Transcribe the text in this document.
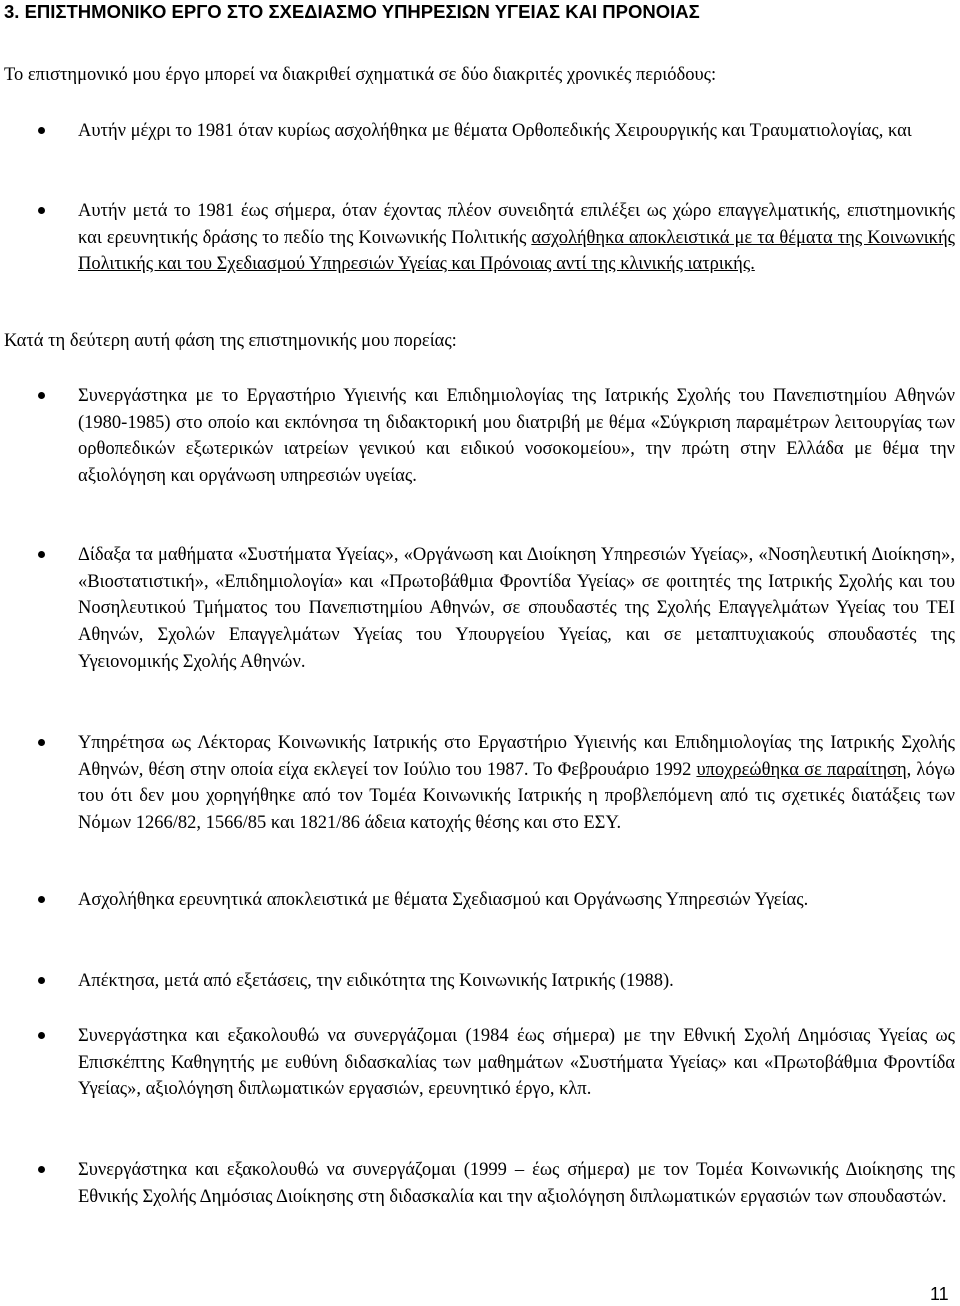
3. ΕΠΙΣΤΗΜΟΝΙΚΟ ΕΡΓΟ ΣΤΟ ΣΧΕΔΙΑΣΜΟ ΥΠΗΡΕΣΙΩΝ ΥΓΕΙΑΣ ΚΑΙ ΠΡΟΝΟΙΑΣ
Το επιστημονικό μου έργο μπορεί να διακριθεί σχηματικά σε δύο διακριτές χρονικές περιόδους:
Αυτήν μέχρι το 1981 όταν κυρίως ασχολήθηκα με θέματα Ορθοπεδικής Χειρουργικής και Τραυματιολογίας, και
Αυτήν μετά το 1981 έως σήμερα, όταν έχοντας πλέον συνειδητά επιλέξει ως χώρο επαγγελματικής, επιστημονικής και ερευνητικής δράσης το πεδίο της Κοινωνικής Πολιτικής ασχολήθηκα αποκλειστικά με τα θέματα της Κοινωνικής Πολιτικής και του Σχεδιασμού Υπηρεσιών Υγείας και Πρόνοιας αντί της κλινικής ιατρικής.
Κατά τη δεύτερη αυτή φάση της επιστημονικής μου πορείας:
Συνεργάστηκα με το Εργαστήριο Υγιεινής και Επιδημιολογίας της Ιατρικής Σχολής του Πανεπιστημίου Αθηνών (1980-1985) στο οποίο και εκπόνησα τη διδακτορική μου διατριβή με θέμα «Σύγκριση παραμέτρων λειτουργίας των ορθοπεδικών εξωτερικών ιατρείων γενικού και ειδικού νοσοκομείου», την πρώτη στην Ελλάδα με θέμα την αξιολόγηση και οργάνωση υπηρεσιών υγείας.
Δίδαξα τα μαθήματα «Συστήματα Υγείας», «Οργάνωση και Διοίκηση Υπηρεσιών Υγείας», «Νοσηλευτική Διοίκηση», «Βιοστατιστική», «Επιδημιολογία» και «Πρωτοβάθμια Φροντίδα Υγείας» σε φοιτητές της Ιατρικής Σχολής και του Νοσηλευτικού Τμήματος του Πανεπιστημίου Αθηνών, σε σπουδαστές της Σχολής Επαγγελμάτων Υγείας του ΤΕΙ Αθηνών, Σχολών Επαγγελμάτων Υγείας του Υπουργείου Υγείας, και σε μεταπτυχιακούς σπουδαστές της Υγειονομικής Σχολής Αθηνών.
Υπηρέτησα ως Λέκτορας Κοινωνικής Ιατρικής στο Εργαστήριο Υγιεινής και Επιδημιολογίας της Ιατρικής Σχολής Αθηνών, θέση στην οποία είχα εκλεγεί τον Ιούλιο του 1987. Το Φεβρουάριο 1992 υποχρεώθηκα σε παραίτηση, λόγω του ότι δεν μου χορηγήθηκε από τον Τομέα Κοινωνικής Ιατρικής η προβλεπόμενη από τις σχετικές διατάξεις των Νόμων 1266/82, 1566/85 και 1821/86 άδεια κατοχής θέσης και στο ΕΣΥ.
Ασχολήθηκα ερευνητικά αποκλειστικά με θέματα Σχεδιασμού και Οργάνωσης Υπηρεσιών Υγείας.
Απέκτησα, μετά από εξετάσεις, την ειδικότητα της Κοινωνικής Ιατρικής (1988).
Συνεργάστηκα και εξακολουθώ να συνεργάζομαι (1984 έως σήμερα) με την Εθνική Σχολή Δημόσιας Υγείας ως Επισκέπτης Καθηγητής με ευθύνη διδασκαλίας των μαθημάτων «Συστήματα Υγείας» και «Πρωτοβάθμια Φροντίδα Υγείας», αξιολόγηση διπλωματικών εργασιών, ερευνητικό έργο, κλπ.
Συνεργάστηκα και εξακολουθώ να συνεργάζομαι (1999 – έως σήμερα) με τον Τομέα Κοινωνικής Διοίκησης της Εθνικής Σχολής Δημόσιας Διοίκησης στη διδασκαλία και την αξιολόγηση διπλωματικών εργασιών των σπουδαστών.
11
